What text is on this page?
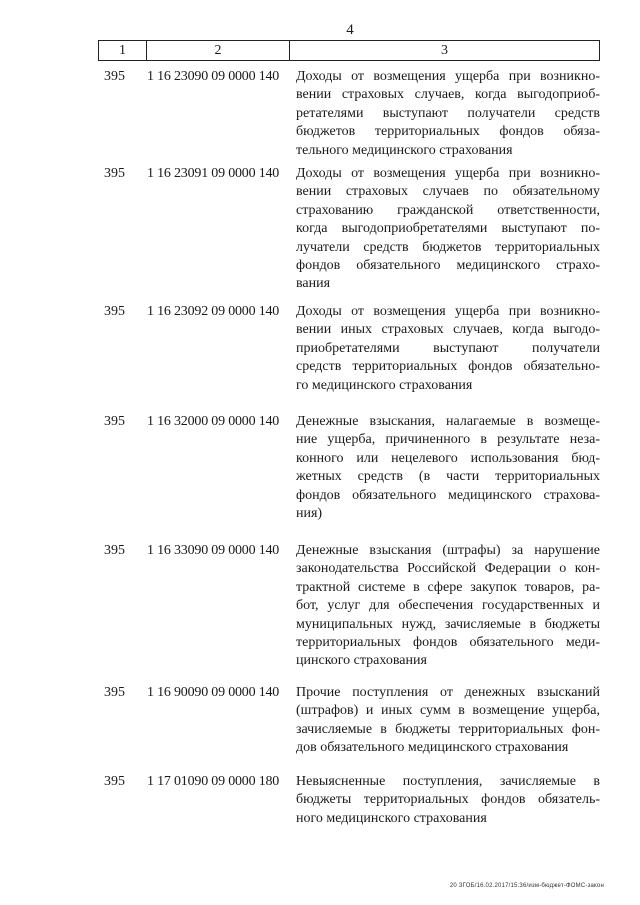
4
1	2	3
395	1 16 23090 09 0000 140	Доходы от возмещения ущерба при возникно-
вении страховых случаев, когда выгодоприоб-
ретателями выступают получатели средств
бюджетов территориальных фондов обяза-
тельного медицинского страхования
395	1 16 23091 09 0000 140	Доходы от возмещения ущерба при возникно-
вении страховых случаев по обязательному
страхованию гражданской ответственности,
когда выгодоприобретателями выступают по-
лучатели средств бюджетов территориальных
фондов обязательного медицинского страхо-
вания
395	1 16 23092 09 0000 140	Доходы от возмещения ущерба при возникно-
вении иных страховых случаев, когда выгодо-
приобретателями выступают получатели
средств территориальных фондов обязательно-
го медицинского страхования
395	1 16 32000 09 0000 140	Денежные взыскания, налагаемые в возмеще-
ние ущерба, причиненного в результате неза-
конного или нецелевого использования бюд-
жетных средств (в части территориальных
фондов обязательного медицинского страхова-
ния)
395	1 16 33090 09 0000 140	Денежные взыскания (штрафы) за нарушение
законодательства Российской Федерации о кон-
трактной системе в сфере закупок товаров, ра-
бот, услуг для обеспечения государственных и
муниципальных нужд, зачисляемые в бюджеты
территориальных фондов обязательного меди-
цинского страхования
395	1 16 90090 09 0000 140	Прочие поступления от денежных взысканий
(штрафов) и иных сумм в возмещение ущерба,
зачисляемые в бюджеты территориальных фон-
дов обязательного медицинского страхования
395	1 17 01090 09 0000 180	Невыясненные поступления, зачисляемые в
бюджеты территориальных фондов обязатель-
ного медицинского страхования
20 ЗГОБ/16.02.2017/15:36/изм-бюджет-ФОМС-закон
